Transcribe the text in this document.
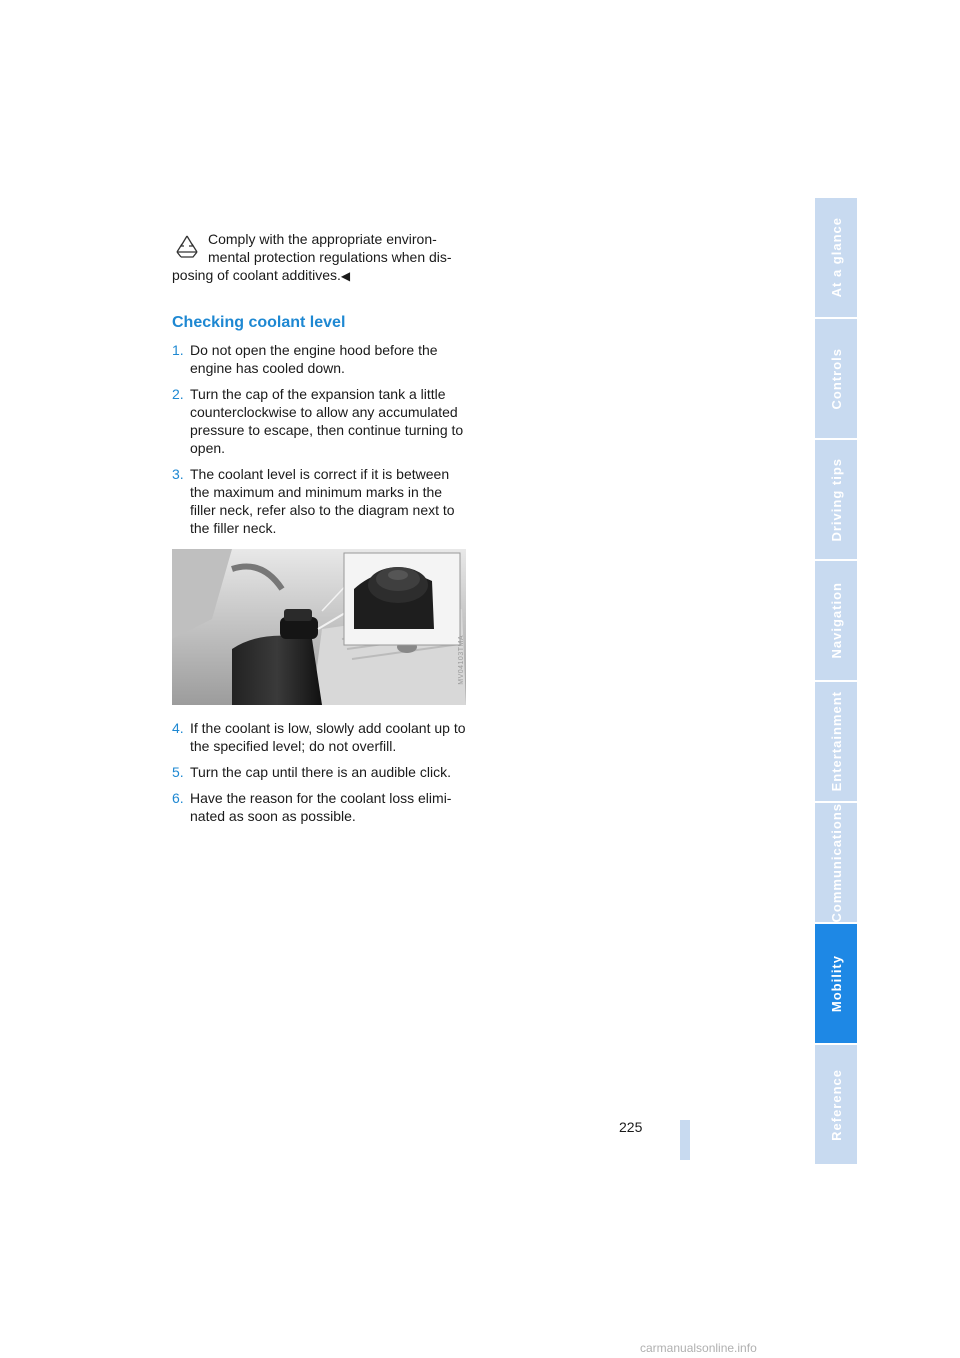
Comply with the appropriate environ-
mental protection regulations when dis-
posing of coolant additives.◀
Checking coolant level
1. Do not open the engine hood before the engine has cooled down.
2. Turn the cap of the expansion tank a little counterclockwise to allow any accumulated pressure to escape, then continue turning to open.
3. The coolant level is correct if it is between the maximum and minimum marks in the filler neck, refer also to the diagram next to the filler neck.
MV04103TMA
4. If the coolant is low, slowly add coolant up to the specified level; do not overfill.
5. Turn the cap until there is an audible click.
6. Have the reason for the coolant loss elimi-nated as soon as possible.
At a glance
Controls
Driving tips
Navigation
Entertainment
Communications
Mobility
Reference
225
carmanualsonline.info
